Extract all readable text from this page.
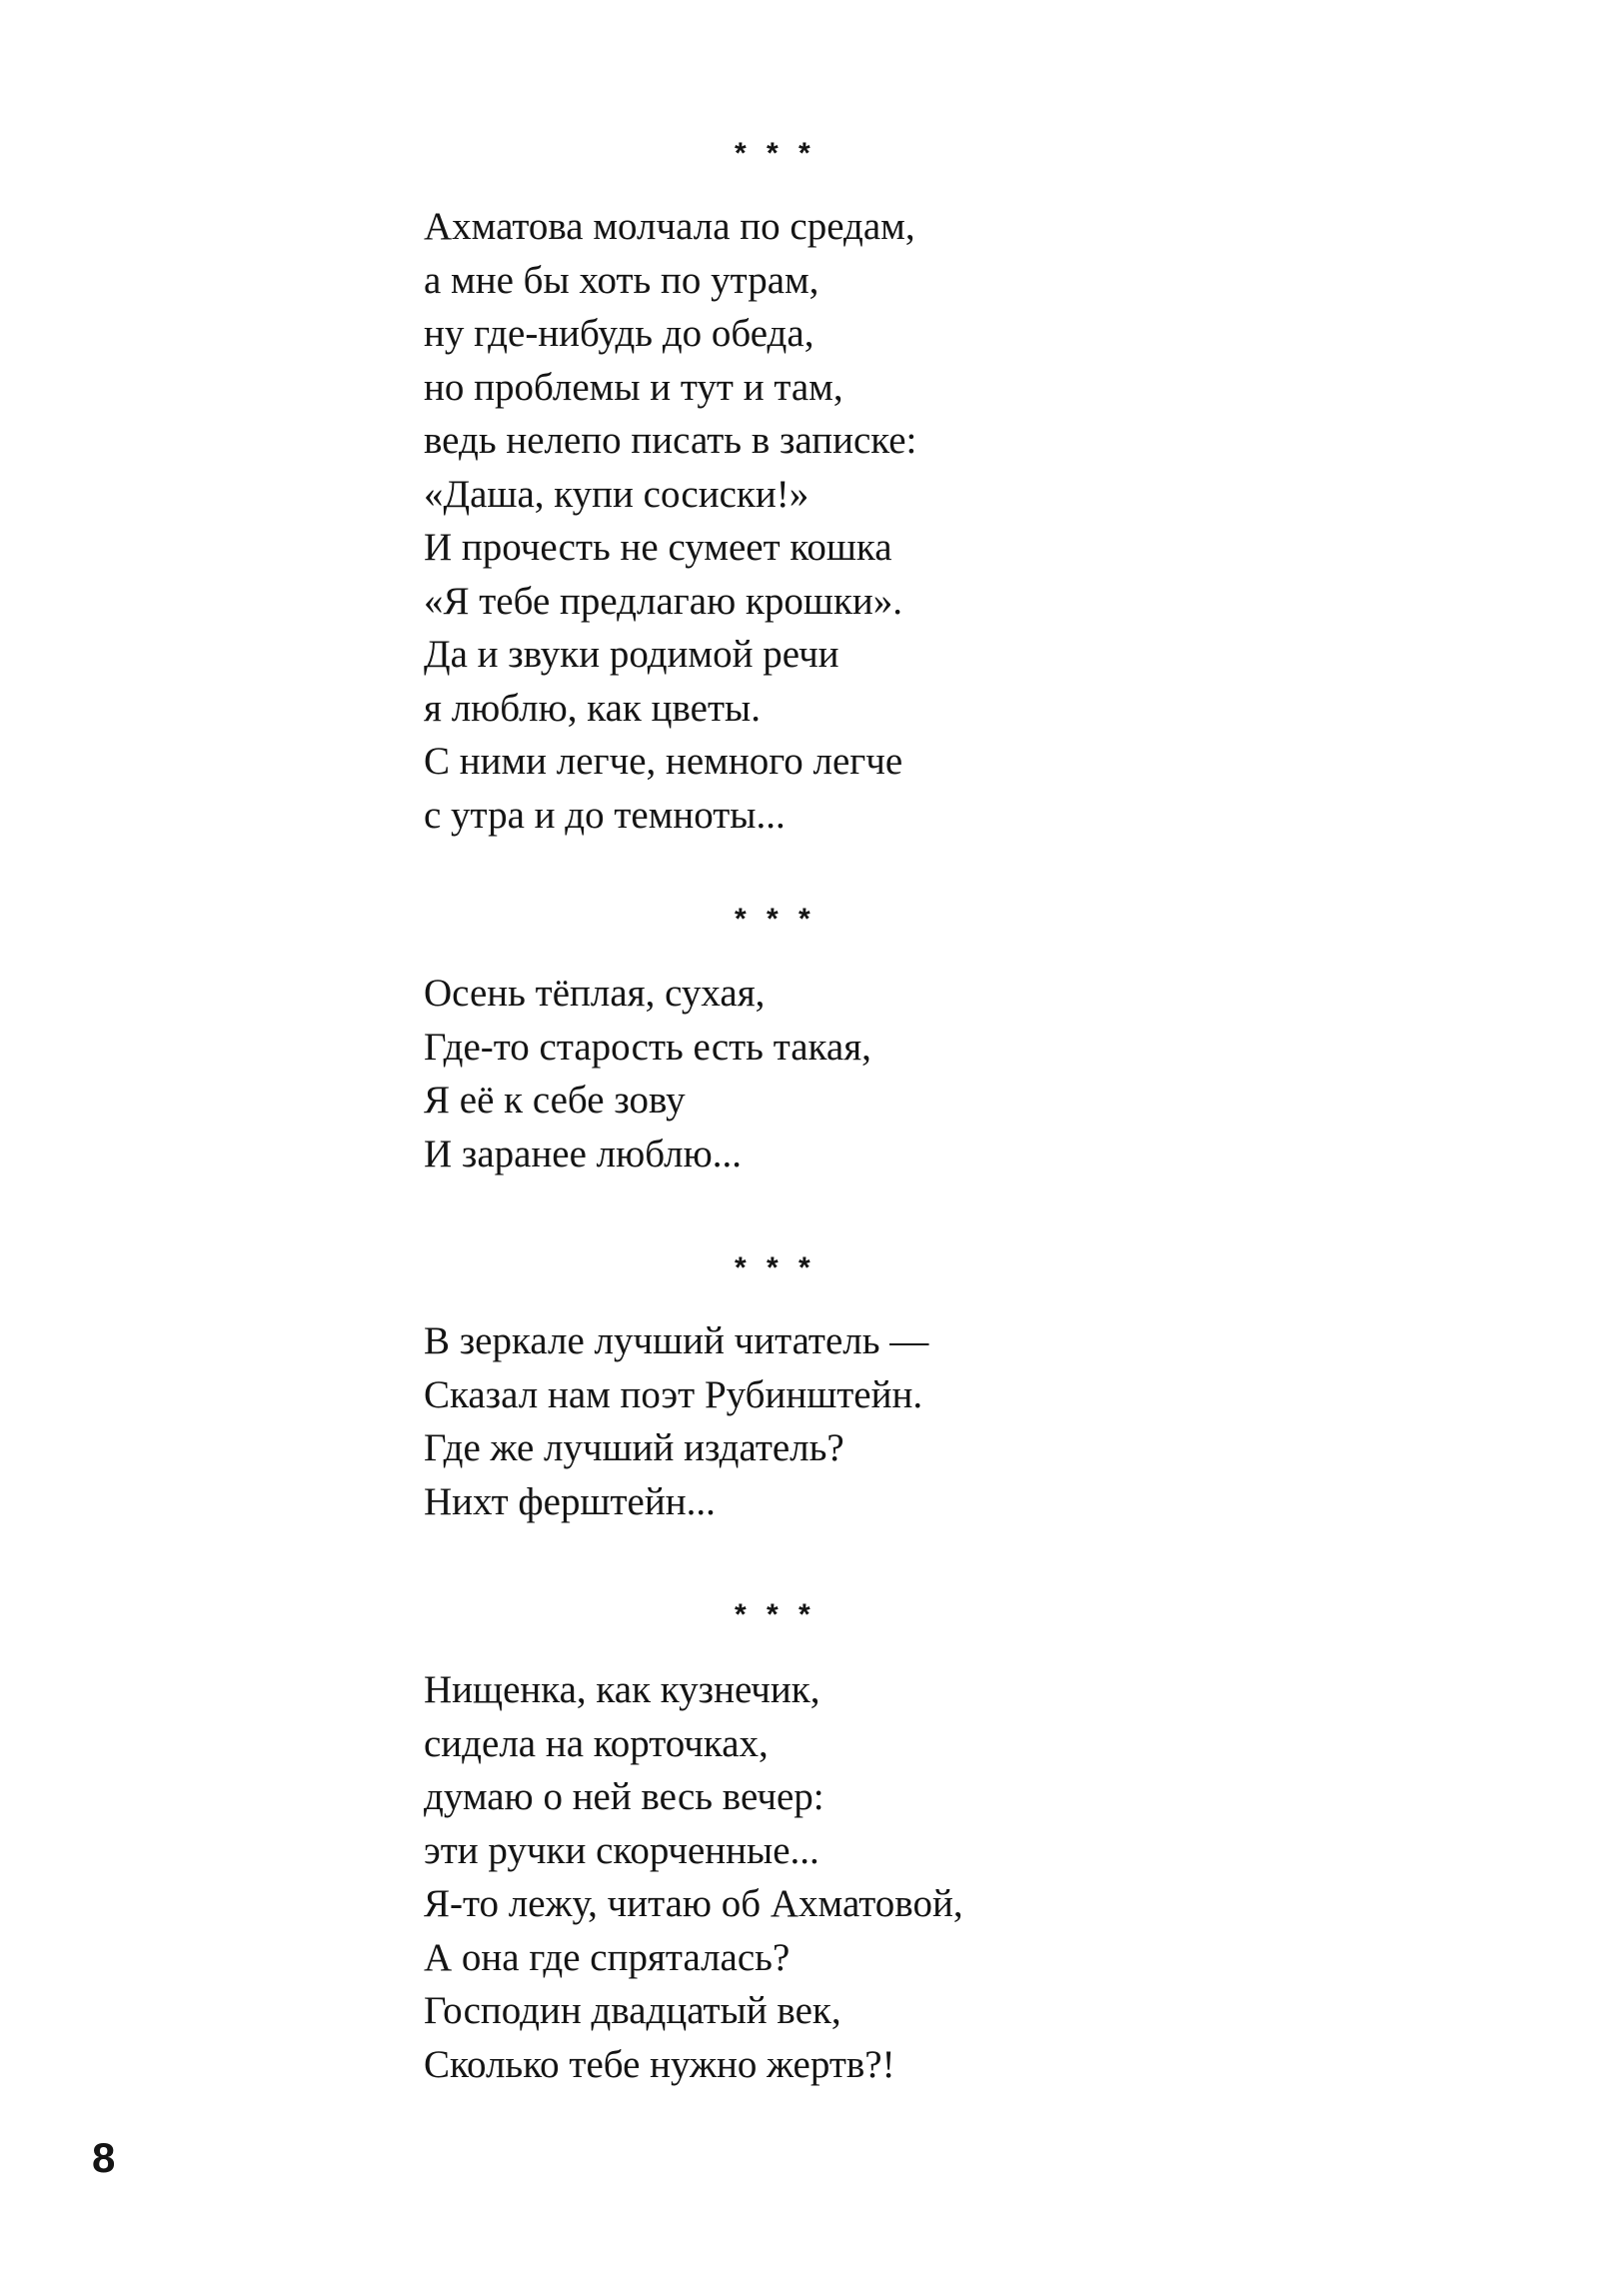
* * *
Ахматова молчала по средам,
а мне бы хоть по утрам,
ну где-нибудь до обеда,
но проблемы и тут и там,
ведь нелепо писать в записке:
«Даша, купи сосиски!»
И прочесть не сумеет кошка
«Я тебе предлагаю крошки».
Да и звуки родимой речи
я люблю, как цветы.
С ними легче, немного легче
с утра и до темноты...
* * *
Осень тёплая, сухая,
Где-то старость есть такая,
Я её к себе зову
И заранее люблю...
* * *
В зеркале лучший читатель —
Сказал нам поэт Рубинштейн.
Где же лучший издатель?
Нихт ферштейн...
* * *
Нищенка, как кузнечик,
сидела на корточках,
думаю о ней весь вечер:
эти ручки скорченные...
Я-то лежу, читаю об Ахматовой,
А она где спряталась?
Господин двадцатый век,
Сколько тебе нужно жертв?!
8
